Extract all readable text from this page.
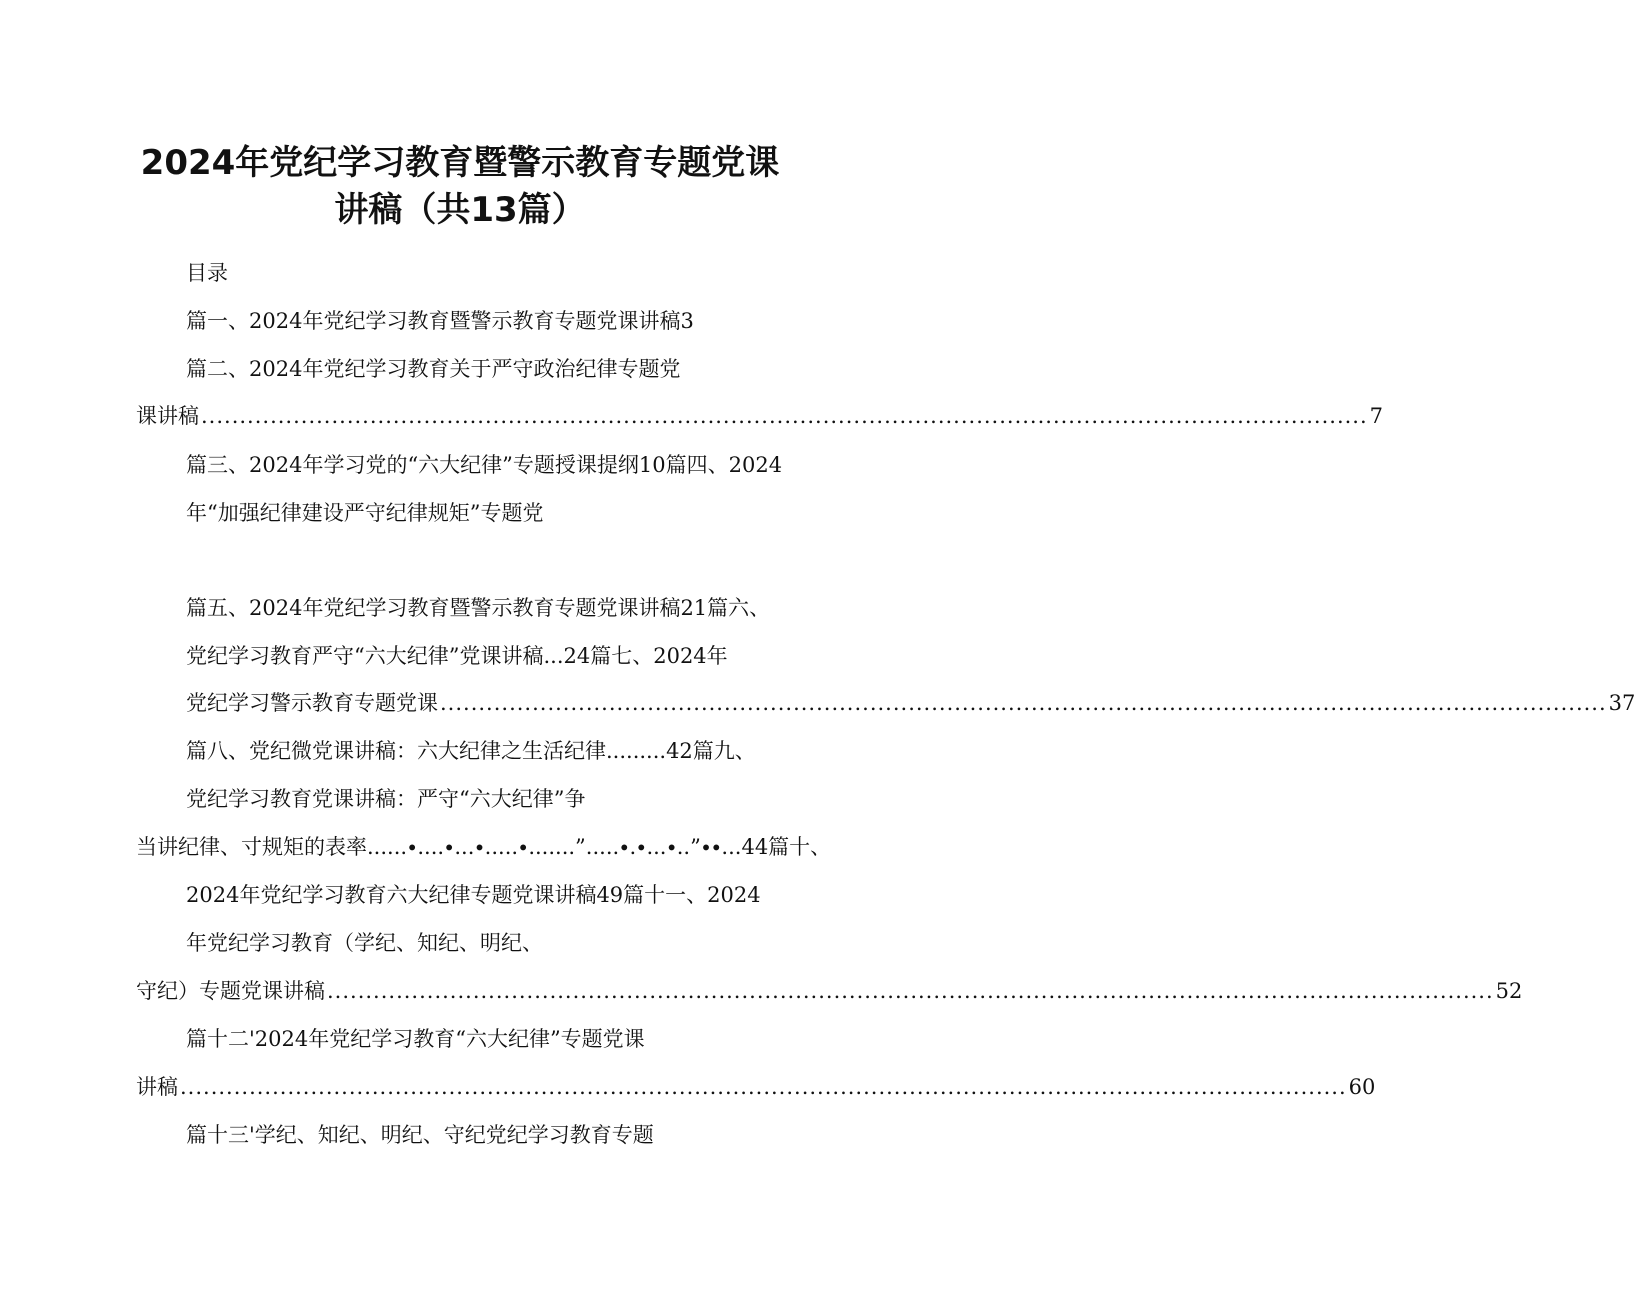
2024年党纪学习教育暨警示教育专题党课
讲稿（共13篇）
目录
篇一、2024年党纪学习教育暨警示教育专题党课讲稿3
篇二、2024年党纪学习教育关于严守政治纪律专题党
课讲稿 ........................................................................................................................................................ 7
篇三、2024年学习党的“六大纪律”专题授课提纲10篇四、2024
年“加强纪律建设严守纪律规矩”专题党
篇五、2024年党纪学习教育暨警示教育专题党课讲稿21篇六、
党纪学习教育严守“六大纪律”党课讲稿...24篇七、2024年
党纪学习警示教育专题党课 ........................................................................................................................................................ 37
篇八、党纪微党课讲稿：六大纪律之生活纪律.........42篇九、
党纪学习教育党课讲稿：严守“六大纪律”争
当讲纪律、寸规矩的表率......∙....∙...∙.....∙.......”.....∙.∙...∙..”∙∙...44篇十、
2024年党纪学习教育六大纪律专题党课讲稿49篇十一、2024
年党纪学习教育（学纪、知纪、明纪、
守纪）专题党课讲稿 ........................................................................................................................................................ 52
篇十二'2024年党纪学习教育“六大纪律”专题党课
讲稿 ........................................................................................................................................................ 60
篇十三'学纪、知纪、明纪、守纪党纪学习教育专题
